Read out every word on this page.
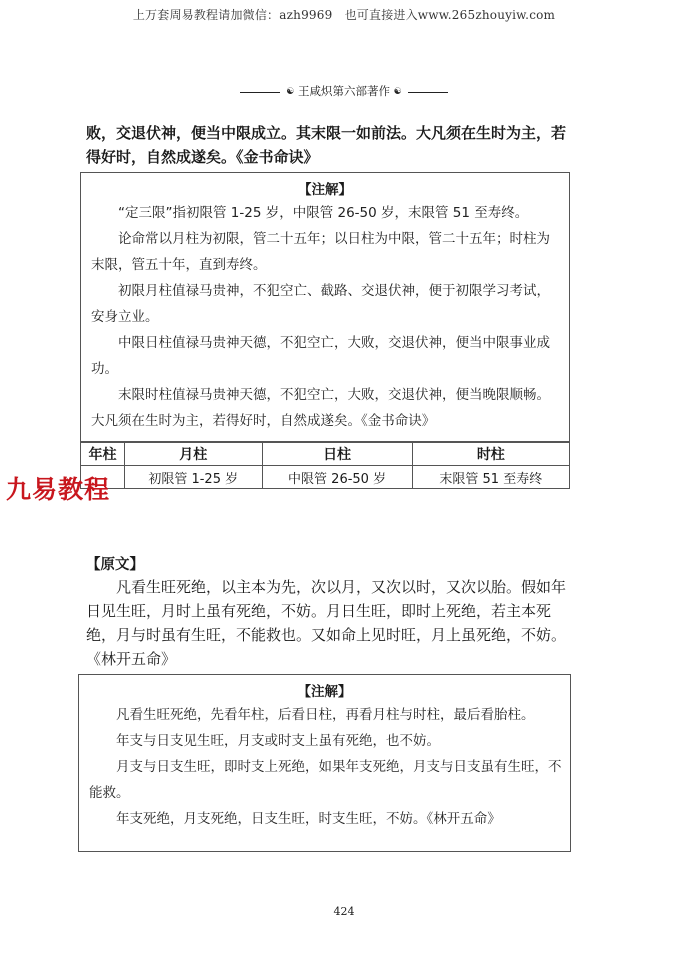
上万套周易教程请加微信：azh9969　也可直接进入www.265zhouyiw.com
☯ 王咸炽第六部著作 ☯
败，交退伏神，便当中限成立。其末限一如前法。大凡须在生时为主，若得好时，自然成遂矣。《金书命诀》
【注解】

“定三限”指初限管 1-25 岁，中限管 26-50 岁，末限管 51 至寿终。

论命常以月柱为初限，管二十五年；以日柱为中限，管二十五年；时柱为末限，管五十年，直到寿终。

初限月柱值禄马贵神，不犯空亡、截路、交退伏神，便于初限学习考试，安身立业。

中限日柱值禄马贵神天德，不犯空亡，大败，交退伏神，便当中限事业成功。

末限时柱值禄马贵神天德，不犯空亡，大败，交退伏神，便当晚限顺畅。大凡须在生时为主，若得好时，自然成遂矣。《金书命诀》

年柱	月柱	日柱	时柱
	初限管 1-25 岁	中限管 26-50 岁	末限管 51 至寿终
九易教程
【原文】
凡看生旺死绝，以主本为先，次以月，又次以时，又次以胎。假如年日见生旺，月时上虽有死绝，不妨。月日生旺，即时上死绝，若主本死绝，月与时虽有生旺，不能救也。又如命上见时旺，月上虽死绝，不妨。《林开五命》
【注解】

凡看生旺死绝，先看年柱，后看日柱，再看月柱与时柱，最后看胎柱。

年支与日支见生旺，月支或时支上虽有死绝，也不妨。

月支与日支生旺，即时支上死绝，如果年支死绝，月支与日支虽有生旺，不能救。

年支死绝，月支死绝，日支生旺，时支生旺，不妨。《林开五命》

424
